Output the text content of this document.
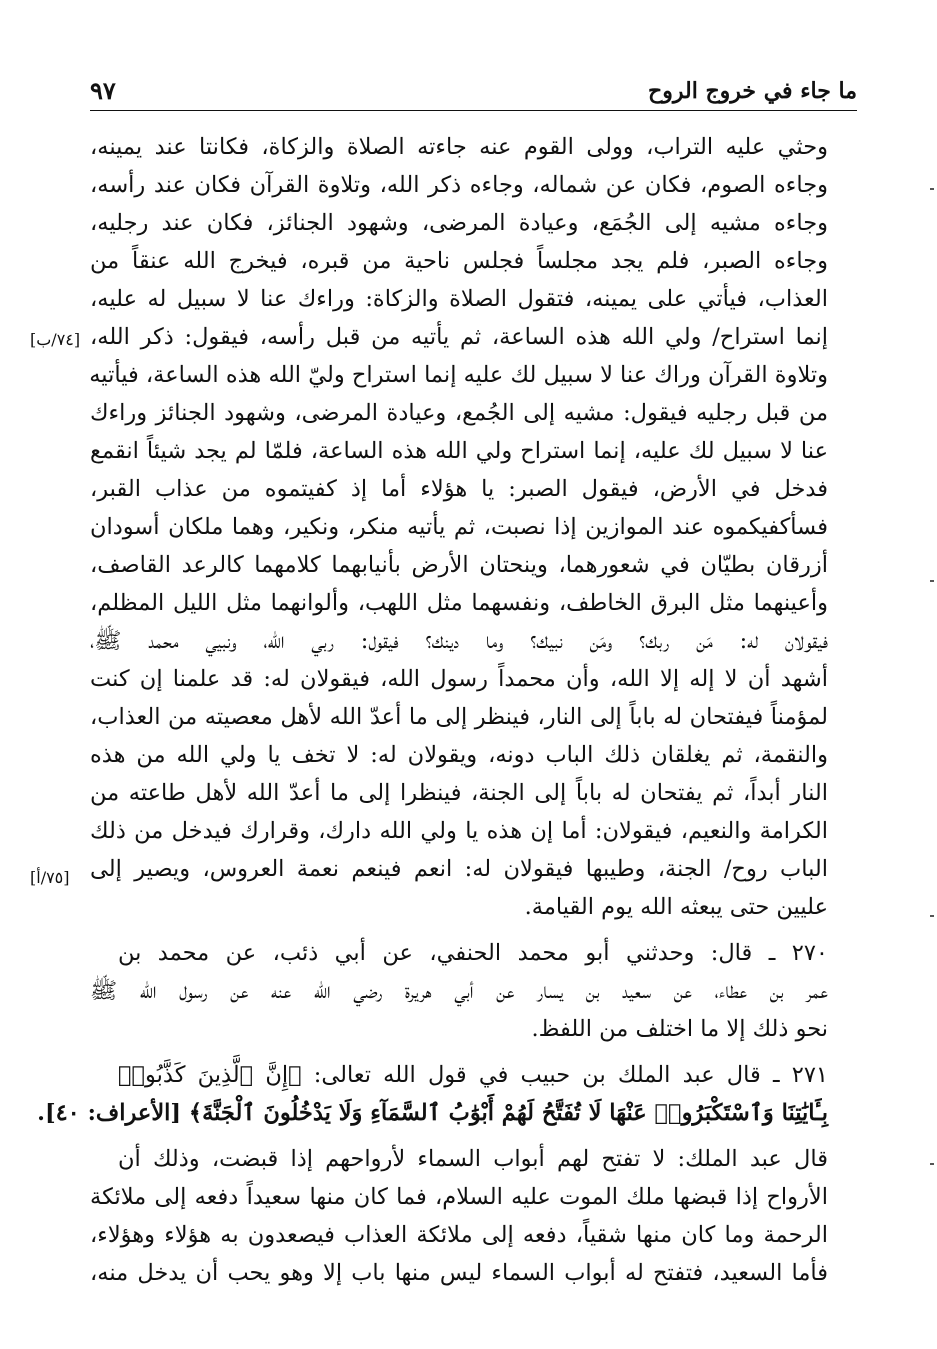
ما جاء في خروج الروح
٩٧
وحثي عليه التراب، وولى القوم عنه جاءته الصلاة والزكاة، فكانتا عند يمينه،
وجاءه الصوم، فكان عن شماله، وجاءه ذكر الله، وتلاوة القرآن فكان عند رأسه،
وجاءه مشيه إلى الجُمَع، وعيادة المرضى، وشهود الجنائز، فكان عند رجليه،
وجاءه الصبر، فلم يجد مجلساً فجلس ناحية من قبره، فيخرج الله عنقاً من
العذاب، فيأتي على يمينه، فتقول الصلاة والزكاة: وراءك عنا لا سبيل له عليه،
إنما استراح/ ولي الله هذه الساعة، ثم يأتيه من قبل رأسه، فيقول: ذكر الله،
وتلاوة القرآن وراك عنا لا سبيل لك عليه إنما استراح وليّ الله هذه الساعة، فيأتيه
من قبل رجليه فيقول: مشيه إلى الجُمع، وعيادة المرضى، وشهود الجنائز وراءك
عنا لا سبيل لك عليه، إنما استراح ولي الله هذه الساعة، فلمّا لم يجد شيئاً انقمع
فدخل في الأرض، فيقول الصبر: يا هؤلاء أما إذ كفيتموه من عذاب القبر،
فسأكفيكموه عند الموازين إذا نصبت، ثم يأتيه منكر، ونكير، وهما ملكان أسودان
أزرقان بطيّان في شعورهما، وينحتان الأرض بأنيابهما كلامهما كالرعد القاصف،
وأعينهما مثل البرق الخاطف، ونفسهما مثل اللهب، وألوانهما مثل الليل المظلم،
فيقولان له: مَن ربك؟ ومَن نبيك؟ وما دينك؟ فيقول: ربي الله، ونبيي محمد ﷺ،
أشهد أن لا إله إلا الله، وأن محمداً رسول الله، فيقولان له: قد علمنا إن كنت
لمؤمناً فيفتحان له باباً إلى النار، فينظر إلى ما أعدّ الله لأهل معصيته من العذاب،
والنقمة، ثم يغلقان ذلك الباب دونه، ويقولان له: لا تخف يا ولي الله من هذه
النار أبداً، ثم يفتحان له باباً إلى الجنة، فينظرا إلى ما أعدّ الله لأهل طاعته من
الكرامة والنعيم، فيقولان: أما إن هذه يا ولي الله دارك، وقرارك فيدخل من ذلك
الباب روح/ الجنة، وطيبها فيقولان له: انعم فينعم نعمة العروس، ويصير إلى
عليين حتى يبعثه الله يوم القيامة.
٢٧٠ ـ قال: وحدثني أبو محمد الحنفي، عن أبي ذئب، عن محمد بن
عمر بن عطاء، عن سعيد بن يسار عن أبي هريرة رضي الله عنه عن رسول الله ﷺ
نحو ذلك إلا ما اختلف من اللفظ.
٢٧١ ـ قال عبد الملك بن حبيب في قول الله تعالى: ﴿إِنَّ ٱلَّذِينَ كَذَّبُوا۟
بِـَٔايَٰتِنَا وَٱسْتَكْبَرُوا۟ عَنْهَا لَا تُفَتَّحُ لَهُمْ أَبْوَٰبُ ٱلسَّمَآءِ وَلَا يَدْخُلُونَ ٱلْجَنَّةَ﴾ [الأعراف: ٤٠].
قال عبد الملك: لا تفتح لهم أبواب السماء لأرواحهم إذا قبضت، وذلك أن
الأرواح إذا قبضها ملك الموت عليه السلام، فما كان منها سعيداً دفعه إلى ملائكة
الرحمة وما كان منها شقياً، دفعه إلى ملائكة العذاب فيصعدون به هؤلاء وهؤلاء،
فأما السعيد، فتفتح له أبواب السماء ليس منها باب إلا وهو يحب أن يدخل منه،
[٧٤/ب]
[٧٥/أ]
